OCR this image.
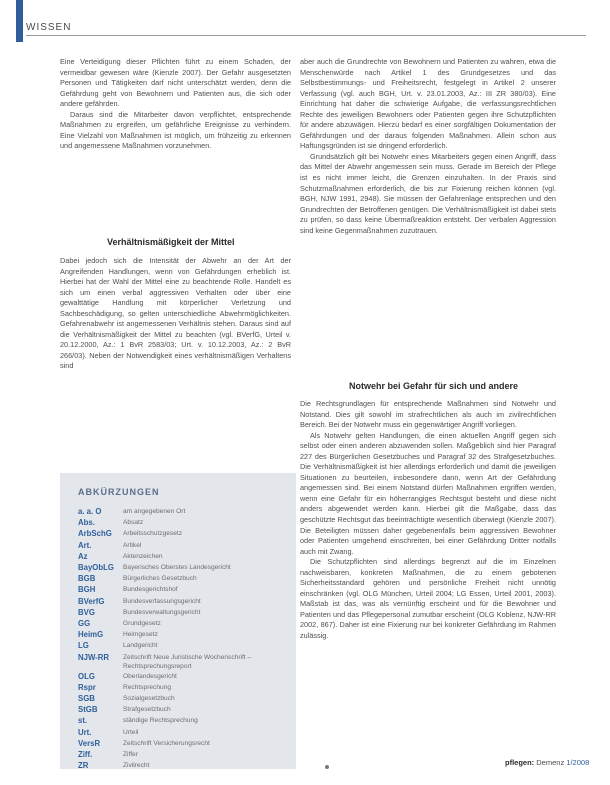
WISSEN

Eine Verteidigung dieser Pflichten führt zu einem Schaden, der vermeidbar gewesen wäre (Kienzle 2007). Der Gefahr ausgesetzten Personen und Tätigkeiten darf nicht unterschätzt werden, denn die Gefährdung geht von Bewohnern und Patienten aus, die sich oder andere gefährden.

Daraus sind die Mitarbeiter davon verpflichtet, entsprechende Maßnahmen zu ergreifen, um gefährliche Ereignisse zu verhindern. Eine Vielzahl von Maßnahmen ist möglich, um frühzeitig zu erkennen und angemessene Maßnahmen vorzunehmen.

Verhältnismäßigkeit der Mittel

Dabei jedoch sich die Intensität der Abwehr an der Art der Angreifenden Handlungen, wenn von Gefährdungen erheblich ist. Hierbei hat der Wahl der Mittel eine zu beachtende Rolle. Handelt es sich um einen verbal aggressiven Verhalten oder über eine gewalttätige Handlung mit körperlicher Verletzung und Sachbeschädigung, so gelten unterschiedliche Abwehrmöglichkeiten. Gefahrenabwehr ist angemessenen Verhältnis stehen. Daraus sind auf die Verhältnismäßigkeit der Mittel zu beachten (vgl. BVerfG, Urteil v. 20.12.2000, Az.: 1 BvR 2583/03; Urt. v. 10.12.2003, Az.: 2 BvR 266/03). Neben der Notwendigkeit eines verhältnismäßigen Verhaltens sind

ABKÜRZUNGEN
a. a. O	am angegebenen Ort
Abs.	Absatz
ArbSchG	Arbeitsschutzgesetz
Art.	Artikel
Az	Aktenzeichen
BayObLG	Bayerisches Oberstes Landesgericht
BGB	Bürgerliches Gesetzbuch
BGH	Bundesgerichtshof
BVerfG	Bundesverfassungsgericht
BVG	Bundesverwaltungsgericht
GG	Grundgesetz
HeimG	Heimgesetz
LG	Landgericht
NJW-RR	Zeitschrift Neue Juristische Wochenschrift – Rechtsprechungsreport
OLG	Oberlandesgericht
Rspr	Rechtsprechung
SGB	Sozialgesetzbuch
StGB	Strafgesetzbuch
st.	ständige Rechtsprechung
Urt.	Urteil
VersR	Zeitschrift Versicherungsrecht
Ziff.	Ziffer
ZR	Zivilrecht

aber auch die Grundrechte von Bewohnern und Patienten zu wahren, etwa die Menschenwürde nach Artikel 1 des Grundgesetzes und das Selbstbestimmungs- und Freiheitsrecht, festgelegt in Artikel 2 unserer Verfassung (vgl. auch BGH, Urt. v. 23.01.2003, Az.: III ZR 380/03). Eine Einrichtung hat daher die schwierige Aufgabe, die verfassungsrechtlichen Rechte des jeweiligen Bewohners oder Patienten gegen ihre Schutzpflichten für andere abzuwägen. Hierzu bedarf es einer sorgfältigen Dokumentation der Gefährdungen und der daraus folgenden Maßnahmen. Allein schon aus Haftungsgründen ist sie dringend erforderlich.

Grundsätzlich gilt bei Notwehr eines Mitarbeiters gegen einen Angriff, dass das Mittel der Abwehr angemessen sein muss. Gerade im Bereich der Pflege ist es nicht immer leicht, die Grenzen einzuhalten. In der Praxis sind Schutzmaßnahmen erforderlich, die bis zur Fixierung reichen können (vgl. BGH, NJW 1991, 2948). Sie müssen der Gefahrenlage entsprechen und den Grundrechten der Betroffenen genügen. Die Verhältnismäßigkeit ist dabei stets zu prüfen, so dass keine Übermaßreaktion entsteht. Der verbalen Aggression sind keine Gegenmaßnahmen zuzutrauen.

Notwehr bei Gefahr für sich und andere

Die Rechtsgrundlagen für entsprechende Maßnahmen sind Notwehr und Notstand. Dies gilt sowohl im strafrechtlichen als auch im zivilrechtlichen Bereich. Bei der Notwehr muss ein gegenwärtiger Angriff vorliegen.

Als Notwehr gelten Handlungen, die einen aktuellen Angriff gegen sich selbst oder einen anderen abzuwenden sollen. Maßgeblich sind hier Paragraf 227 des Bürgerlichen Gesetzbuches und Paragraf 32 des Strafgesetzbuches. Die Verhältnismäßigkeit ist hier allerdings erforderlich und damit die jeweiligen Situationen zu beurteilen, insbesondere dann, wenn Art der Gefährdung angemessen sind. Bei einem Notstand dürfen Maßnahmen ergriffen werden, wenn eine Gefahr für ein höherrangiges Rechtsgut besteht und diese nicht anders abgewendet werden kann. Hierbei gilt die Maßgabe, dass das geschützte Rechtsgut das beeinträchtigte wesentlich überwiegt (Kienzle 2007). Die Beteiligten müssen daher gegebenenfalls beim aggressiven Bewohner oder Patienten umgehend einschreiten, bei einer Gefährdung Dritter notfalls auch mit Zwang.

Die Schutzpflichten sind allerdings begrenzt auf die im Einzelnen nachweisbaren, konkreten Maßnahmen, die zu einem gebotenen Sicherheitsstandard gehören und persönliche Freiheit nicht unnötig einschränken (vgl. OLG München, Urteil 2004; LG Essen, Urteil 2001, 2003). Maßstab ist das, was als vernünftig erscheint und für die Bewohner und Patienten und das Pflegepersonal zumutbar erscheint (OLG Koblenz, NJW-RR 2002, 867). Daher ist eine Fixierung nur bei konkreter Gefährdung im Rahmen zulässig.

pflegen: Demenz 1/2008
